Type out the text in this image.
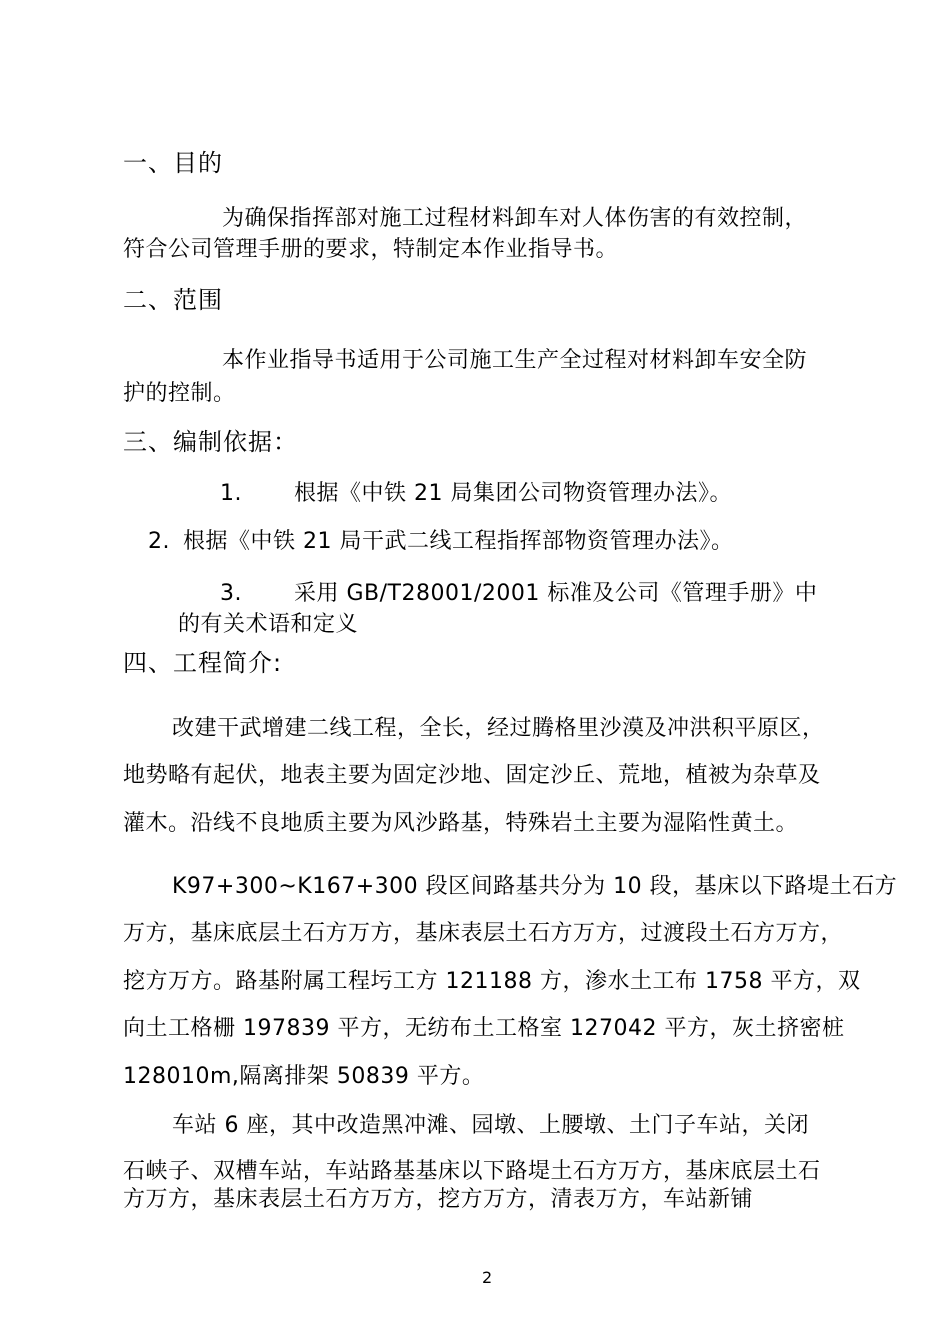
一、目的
为确保指挥部对施工过程材料卸车对人体伤害的有效控制，
符合公司管理手册的要求，特制定本作业指导书。
二、范围
本作业指导书适用于公司施工生产全过程对材料卸车安全防
护的控制。
三、编制依据：
1. 根据《中铁 21 局集团公司物资管理办法》。
2. 根据《中铁 21 局干武二线工程指挥部物资管理办法》。
3. 采用 GB/T28001/2001 标准及公司《管理手册》中
的有关术语和定义
四、工程简介:
改建干武增建二线工程，全长，经过腾格里沙漠及冲洪积平原区，
地势略有起伏，地表主要为固定沙地、固定沙丘、荒地，植被为杂草及
灌木。沿线不良地质主要为风沙路基，特殊岩土主要为湿陷性黄土。
K97+300~K167+300 段区间路基共分为 10 段，基床以下路堤土石方
万方，基床底层土石方万方，基床表层土石方万方，过渡段土石方万方，
挖方万方。路基附属工程圬工方 121188 方，渗水土工布 1758 平方，双
向土工格栅 197839 平方，无纺布土工格室 127042 平方，灰土挤密桩
128010m,隔离排架 50839 平方。
车站 6 座，其中改造黑冲滩、园墩、上腰墩、土门子车站，关闭
石峡子、双槽车站，车站路基基床以下路堤土石方万方，基床底层土石
方万方，基床表层土石方万方，挖方万方，清表万方，车站新铺
2
